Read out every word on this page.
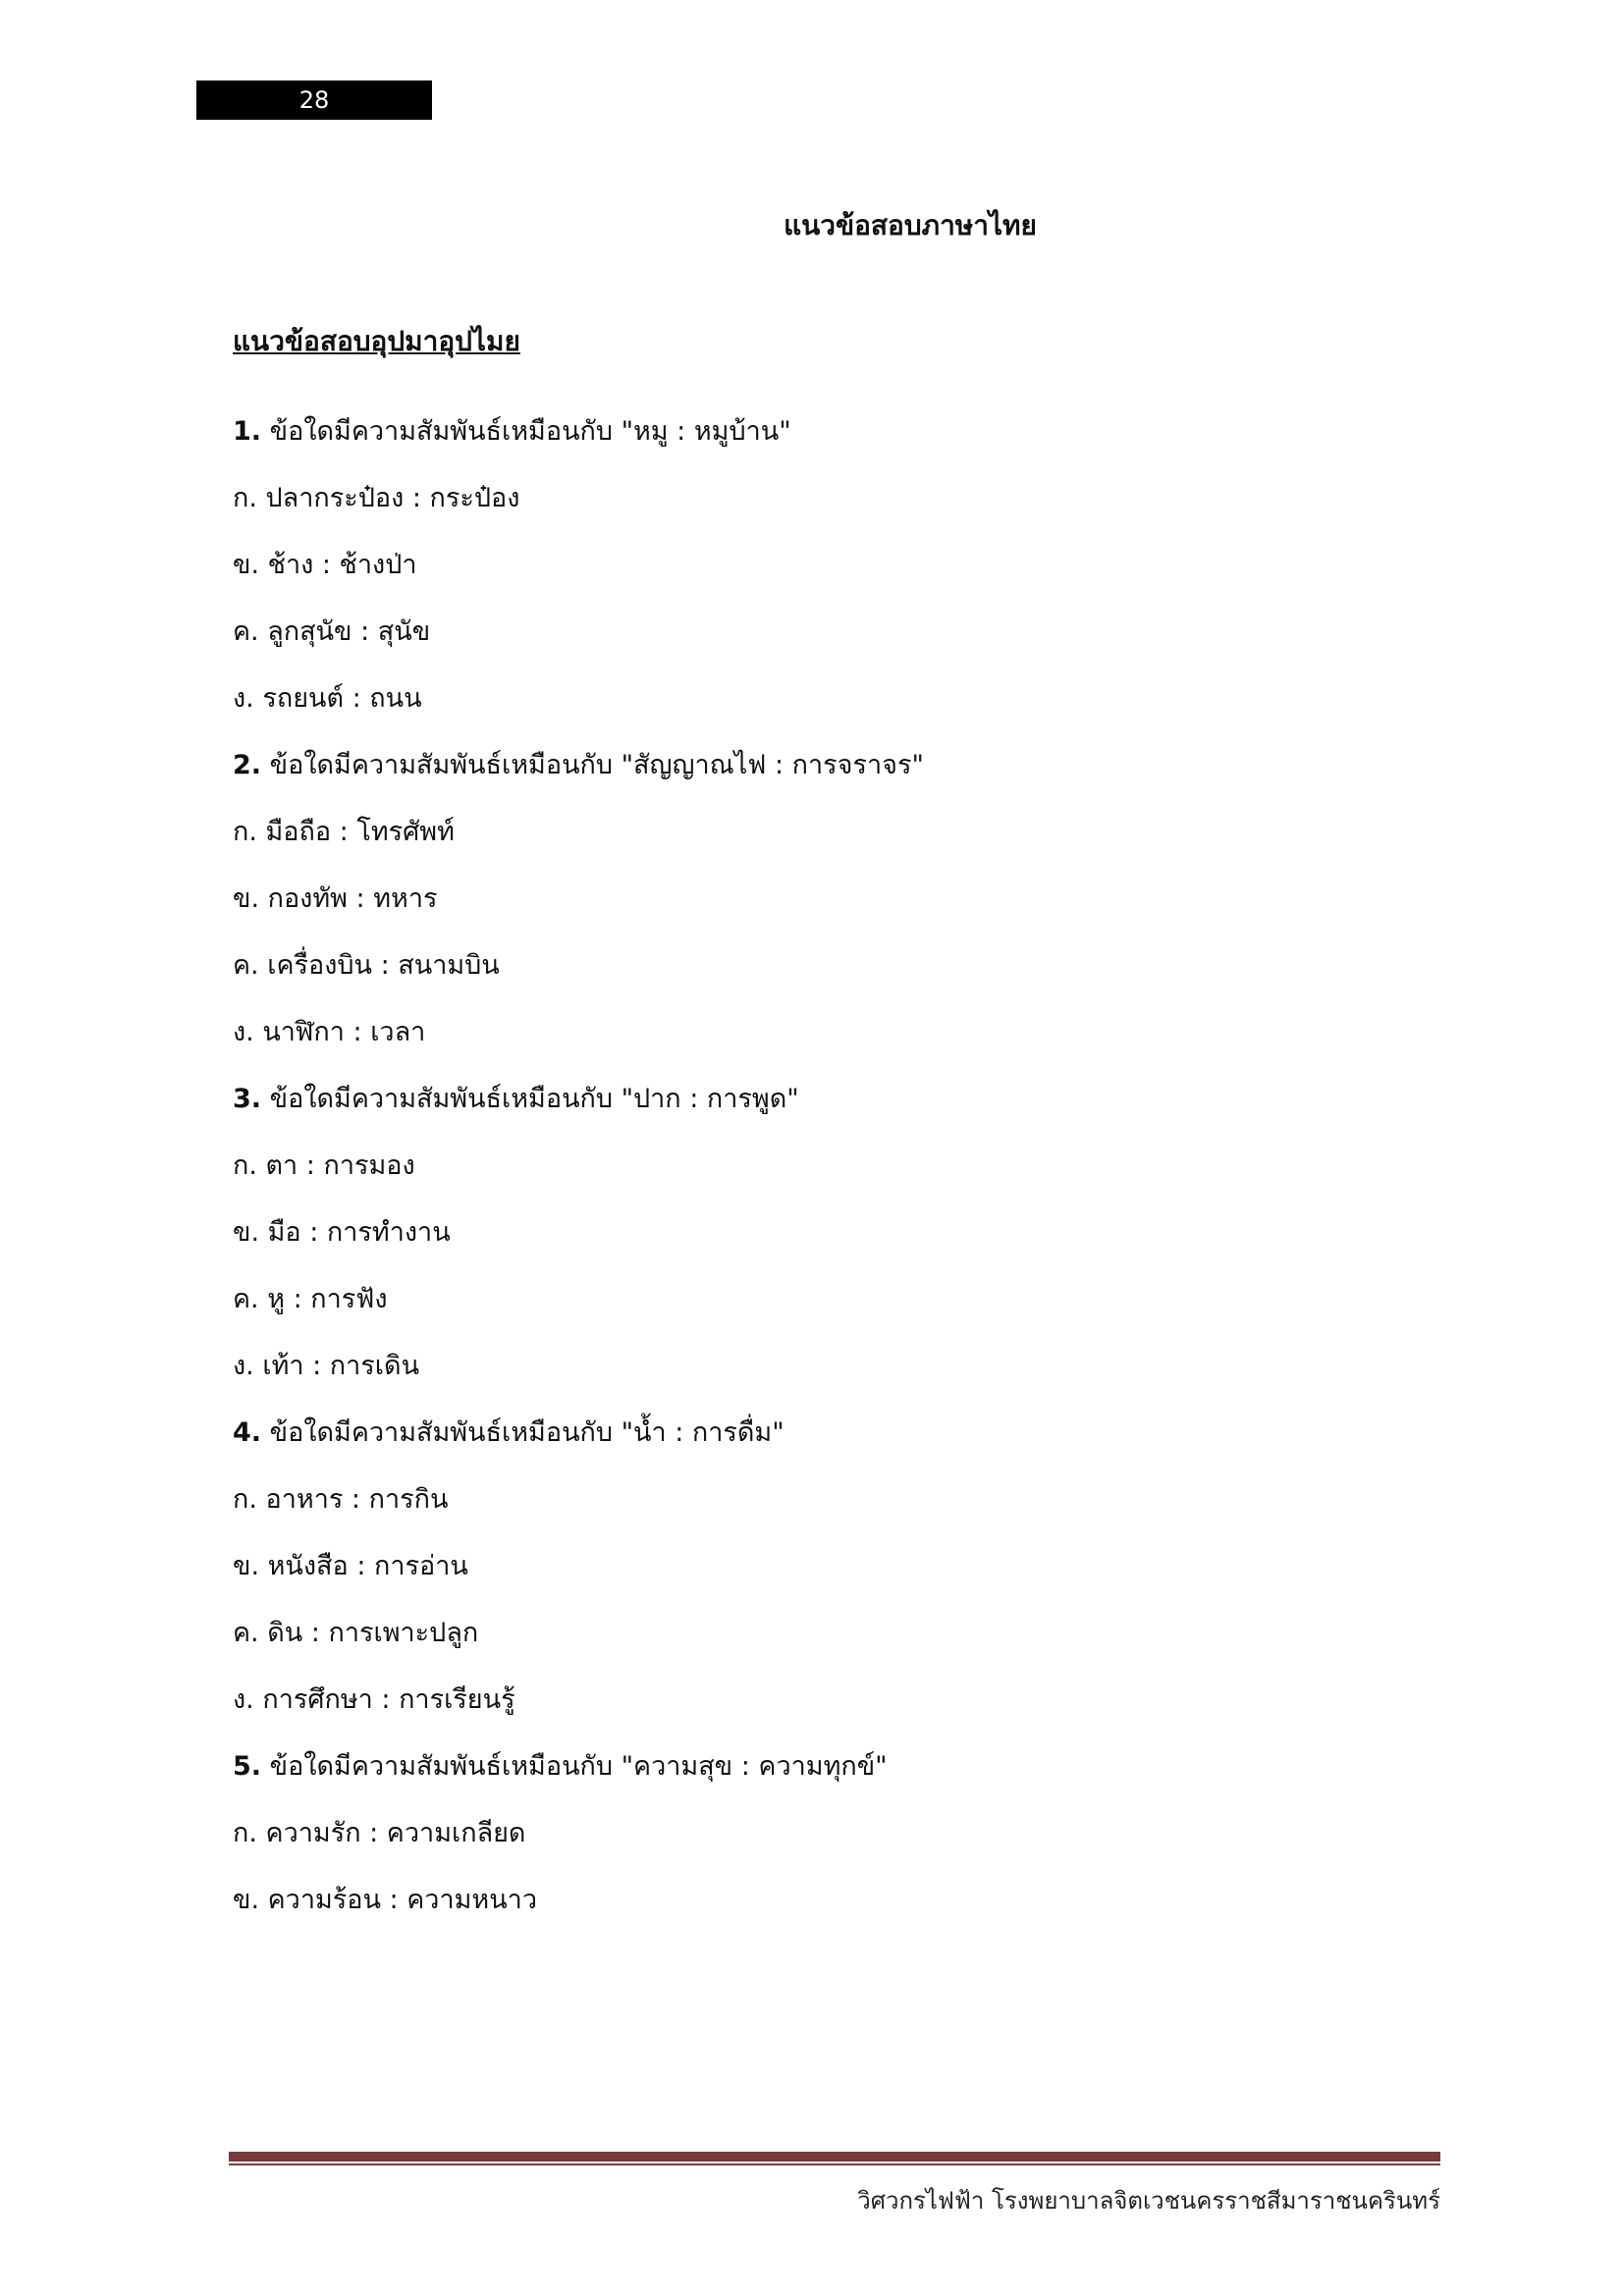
28
แนวข้อสอบภาษาไทย
แนวข้อสอบอุปมาอุปไมย
1. ข้อใดมีความสัมพันธ์เหมือนกับ "หมู : หมูบ้าน"
ก. ปลากระป๋อง : กระป๋อง
ข. ช้าง : ช้างป่า
ค. ลูกสุนัข : สุนัข
ง. รถยนต์ : ถนน
2. ข้อใดมีความสัมพันธ์เหมือนกับ "สัญญาณไฟ : การจราจร"
ก. มือถือ : โทรศัพท์
ข. กองทัพ : ทหาร
ค. เครื่องบิน : สนามบิน
ง. นาฬิกา : เวลา
3. ข้อใดมีความสัมพันธ์เหมือนกับ "ปาก : การพูด"
ก. ตา : การมอง
ข. มือ : การทำงาน
ค. หู : การฟัง
ง. เท้า : การเดิน
4. ข้อใดมีความสัมพันธ์เหมือนกับ "น้ำ : การดื่ม"
ก. อาหาร : การกิน
ข. หนังสือ : การอ่าน
ค. ดิน : การเพาะปลูก
ง. การศึกษา : การเรียนรู้
5. ข้อใดมีความสัมพันธ์เหมือนกับ "ความสุข : ความทุกข์"
ก. ความรัก : ความเกลียด
ข. ความร้อน : ความหนาว
วิศวกรไฟฟ้า โรงพยาบาลจิตเวชนครราชสีมาราชนครินทร์
